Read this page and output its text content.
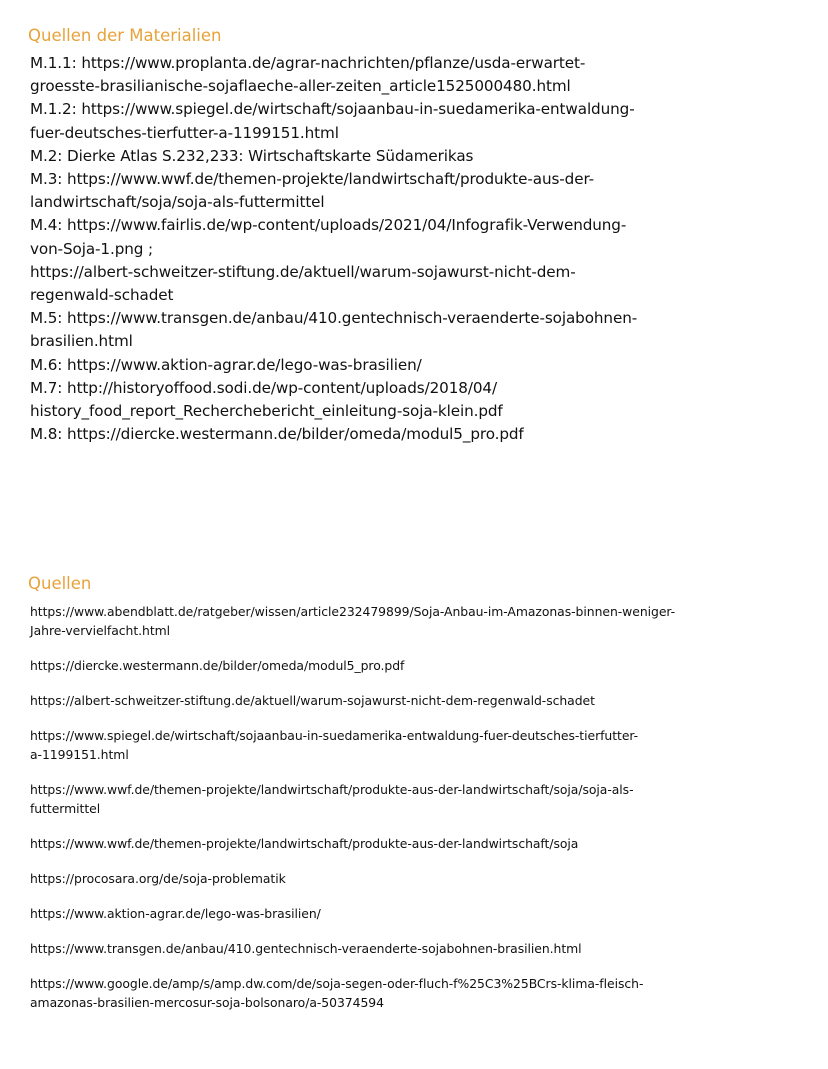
Quellen der Materialien
M.1.1: https://www.proplanta.de/agrar-nachrichten/pflanze/usda-erwartet-
groesste-brasilianische-sojaflaeche-aller-zeiten_article1525000480.html
M.1.2: https://www.spiegel.de/wirtschaft/sojaanbau-in-suedamerika-entwaldung-
fuer-deutsches-tierfutter-a-1199151.html
M.2: Dierke Atlas S.232,233: Wirtschaftskarte Südamerikas
M.3: https://www.wwf.de/themen-projekte/landwirtschaft/produkte-aus-der-
landwirtschaft/soja/soja-als-futtermittel
M.4: https://www.fairlis.de/wp-content/uploads/2021/04/Infografik-Verwendung-
von-Soja-1.png ;
https://albert-schweitzer-stiftung.de/aktuell/warum-sojawurst-nicht-dem-
regenwald-schadet
M.5: https://www.transgen.de/anbau/410.gentechnisch-veraenderte-sojabohnen-
brasilien.html
M.6: https://www.aktion-agrar.de/lego-was-brasilien/
M.7: http://historyoffood.sodi.de/wp-content/uploads/2018/04/
history_food_report_Recherchebericht_einleitung-soja-klein.pdf
M.8: https://diercke.westermann.de/bilder/omeda/modul5_pro.pdf
Quellen
https://www.abendblatt.de/ratgeber/wissen/article232479899/Soja-Anbau-im-Amazonas-binnen-weniger-
Jahre-vervielfacht.html
https://diercke.westermann.de/bilder/omeda/modul5_pro.pdf
https://albert-schweitzer-stiftung.de/aktuell/warum-sojawurst-nicht-dem-regenwald-schadet
https://www.spiegel.de/wirtschaft/sojaanbau-in-suedamerika-entwaldung-fuer-deutsches-tierfutter-
a-1199151.html
https://www.wwf.de/themen-projekte/landwirtschaft/produkte-aus-der-landwirtschaft/soja/soja-als-
futtermittel
https://www.wwf.de/themen-projekte/landwirtschaft/produkte-aus-der-landwirtschaft/soja
https://procosara.org/de/soja-problematik
https://www.aktion-agrar.de/lego-was-brasilien/
https://www.transgen.de/anbau/410.gentechnisch-veraenderte-sojabohnen-brasilien.html
https://www.google.de/amp/s/amp.dw.com/de/soja-segen-oder-fluch-f%25C3%25BCrs-klima-fleisch-
amazonas-brasilien-mercosur-soja-bolsonaro/a-50374594
